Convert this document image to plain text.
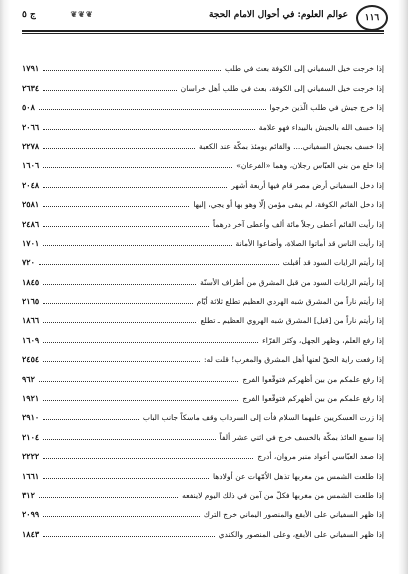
١١٦
عوالم العلوم: في أحوال الامام الحجة
❦❦❦
ج ٥
إذا خرجت خيل السفياني إلى الكوفة بعث في طلب
١٧٩١
إذا خرجت خيل السفياني إلى الكوفة، بعث في طلب أهل خراسان
٢٦٣٤
إذا خرج جيش في طلب الّذين خرجوا
٥٠٨
إذا خسف الله بالجيش بالبيداء فهو علامة
٢٠٦٦
إذا خسف بجيش السفياني.... والقائم يومئذ بمكّة عند الكعبة
٢٢٧٨
إذا خلع من بني العبّاس رجلان، وهما «الفرعان»
١٦٠٦
إذا دخل السفياني أرض مصر قام فيها أربعة أشهر
٢٠٤٨
إذا دخل القائم الكوفة، لم يبقى مؤمن إلّا وهو بها أو يجي، إليها
٢٥٨١
إذا رأيت القائم أعطى رجلاً مائة ألف وأعطى آخر درهماً
٢٤٨٦
إذا رأيت الناس قد أماتوا الصلاة، وأضاعوا الأمانة
١٧٠١
إذا رأيتم الرايات السود قد أقبلت
٧٢٠
إذا رأيتم الرايات السود من قبل المشرق من أطراف الأسنّة
١٨٤٥
إذا رأيتم ناراً من المشرق شبه الهردي العظيم تطلع ثلاثة أيّام
٢١٦٥
إذا رأيتم ناراً من [قبل] المشرق شبه الهروي العظيم ـ تطلع
١٨٦٦
إذا رفع العلم، وظهر الجهل، وكثر القرّاء
١٦٠٩
إذا رفعت راية الحقّ لعنها أهل المشرق والمغرب! قلت له:
٢٤٥٤
إذا رفع علمكم من بين أظهركم فتوقّعوا الفرج
٩٦٢
إذا رفع علمكم من بين أظهركم فتوقّعوا الفرج
١٩٢١
إذا زرت العسكريين عليهما السلام فأت إلى السرداب وقف ماسكاً جانب الباب
٢٩١٠
إذا سمع العائذ بمكّة بالخسف خرج في اثني عشر ألفاً
٢١٠٤
إذا صعد العبّاسي أعواد منبر مروان، أدرج
٢٢٢٢
إذا طلعت الشمس من مغربها تذهل الاُمّهات عن أولادها
١٦٦١
إذا طلعت الشمس من مغربها فكلّ من آمن في ذلك اليوم لاينفعه
٣١٢
إذا ظهر السفياني على الأبقع والمنصور اليماني خرج الترك
٢٠٩٩
إذا ظهر السفياني على الأبقع، وعلى المنصور والكندي
١٨٤٣
